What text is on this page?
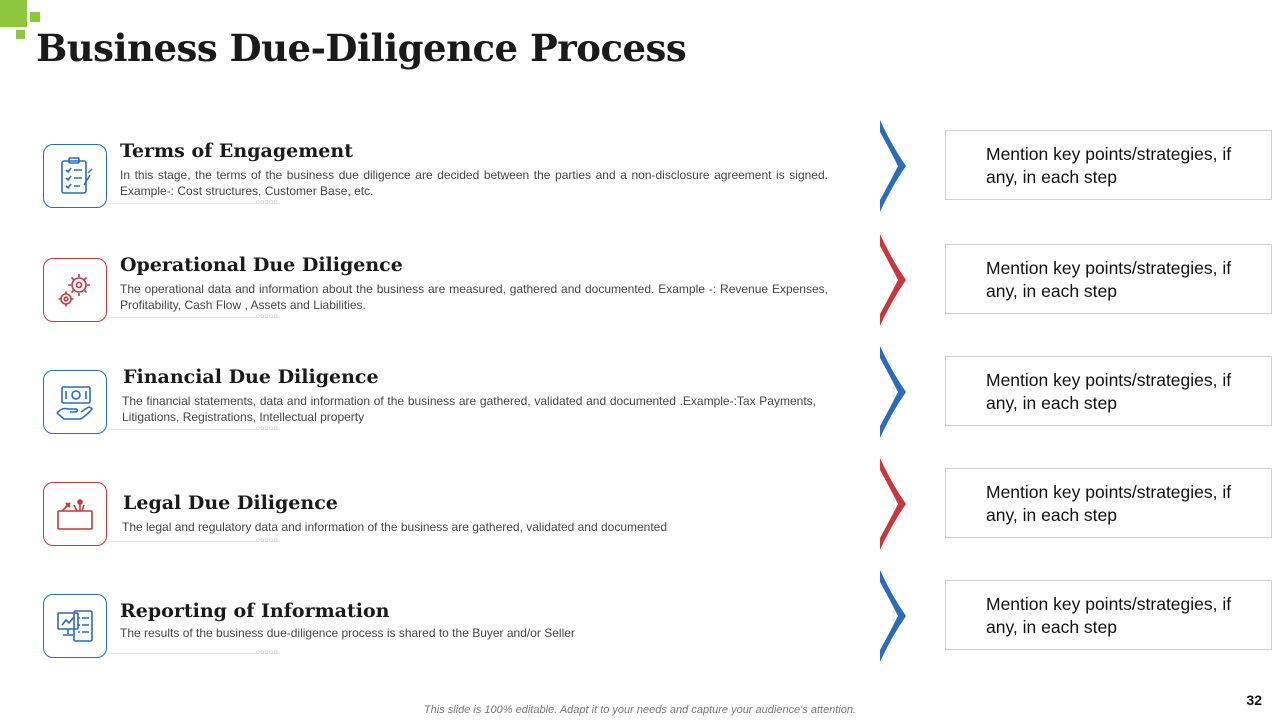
Business Due-Diligence Process
ooooo
Terms of Engagement

In this stage, the terms of the business due diligence are decided between the parties and a non-disclosure agreement is signed. Example-: Cost structures, Customer Base, etc.

Mention key points/strategies, if any, in each step
ooooo
Operational Due Diligence

The operational data and information about the business are measured, gathered and documented. Example -: Revenue Expenses, Profitability, Cash Flow , Assets and Liabilities.

Mention key points/strategies, if any, in each step
ooooo
Financial Due Diligence

The financial statements, data and information of the business are gathered, validated and documented .Example-:Tax Payments, Litigations, Registrations, Intellectual property

Mention key points/strategies, if any, in each step
ooooo
Legal Due Diligence

The legal and regulatory data and information of the business are gathered, validated and documented

Mention key points/strategies, if any, in each step
ooooo
Reporting of Information

The results of the business due-diligence process is shared to the Buyer and/or Seller

Mention key points/strategies, if any, in each step
This slide is 100% editable. Adapt it to your needs and capture your audience's attention.
32
